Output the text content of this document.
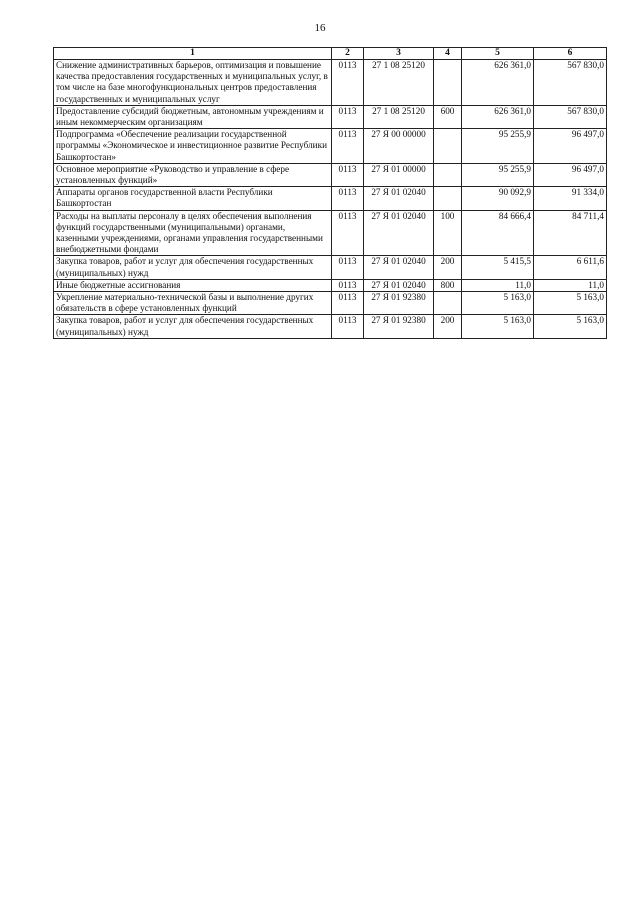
16
1	2	3	4	5	6
Снижение административных барьеров, оптимизация и повышение качества предоставления государственных и муниципальных услуг, в том числе на базе многофункциональных центров предоставления государственных и муниципальных услуг	0113	27 1 08 25120		626 361,0	567 830,0
Предоставление субсидий бюджетным, автономным учреждениям и иным некоммерческим организациям	0113	27 1 08 25120	600	626 361,0	567 830,0
Подпрограмма «Обеспечение реализации государственной программы «Экономическое и инвестиционное развитие Республики Башкортостан»	0113	27 Я 00 00000		95 255,9	96 497,0
Основное мероприятие «Руководство и управление в сфере установленных функций»	0113	27 Я 01 00000		95 255,9	96 497,0
Аппараты органов государственной власти Республики Башкортостан	0113	27 Я 01 02040		90 092,9	91 334,0
Расходы на выплаты персоналу в целях обеспечения выполнения функций государственными (муниципальными) органами, казенными учреждениями, органами управления государственными внебюджетными фондами	0113	27 Я 01 02040	100	84 666,4	84 711,4
Закупка товаров, работ и услуг для обеспечения государственных (муниципальных) нужд	0113	27 Я 01 02040	200	5 415,5	6 611,6
Иные бюджетные ассигнования	0113	27 Я 01 02040	800	11,0	11,0
Укрепление материально-технической базы и выполнение других обязательств в сфере установленных функций	0113	27 Я 01 92380		5 163,0	5 163,0
Закупка товаров, работ и услуг для обеспечения государственных (муниципальных) нужд	0113	27 Я 01 92380	200	5 163,0	5 163,0
